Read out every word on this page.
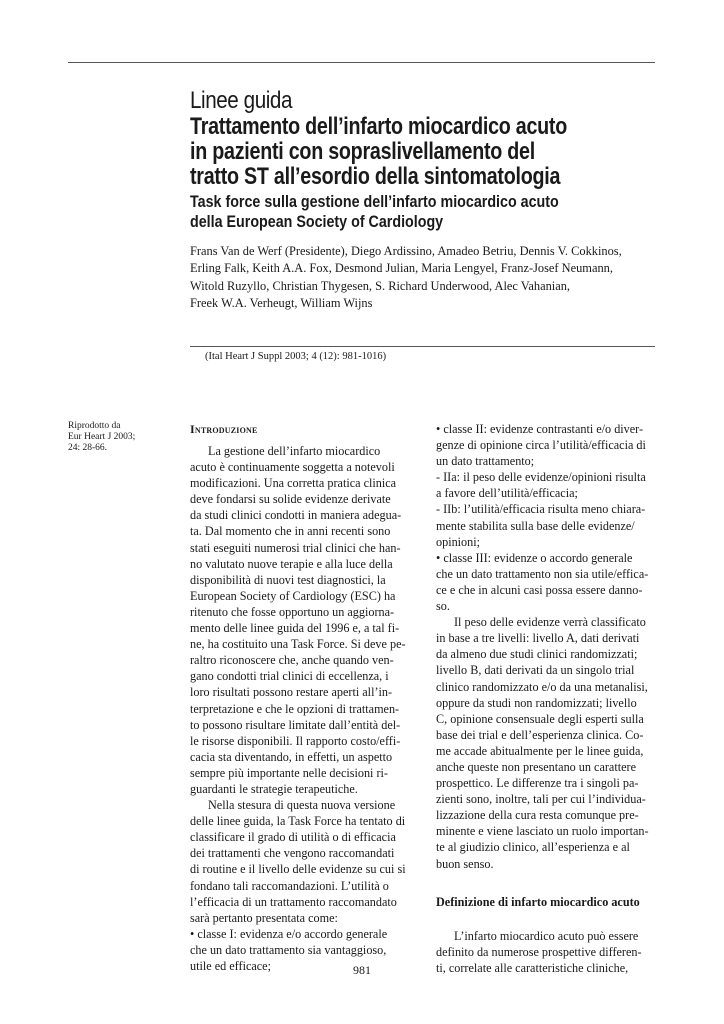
Linee guida
Trattamento dell’infarto miocardico acuto
in pazienti con sopraslivellamento del
tratto ST all’esordio della sintomatologia
Task force sulla gestione dell’infarto miocardico acuto
della European Society of Cardiology
Frans Van de Werf (Presidente), Diego Ardissino, Amadeo Betriu, Dennis V. Cokkinos,
Erling Falk, Keith A.A. Fox, Desmond Julian, Maria Lengyel, Franz-Josef Neumann,
Witold Ruzyllo, Christian Thygesen, S. Richard Underwood, Alec Vahanian,
Freek W.A. Verheugt, William Wijns
(Ital Heart J Suppl 2003; 4 (12): 981-1016)
Riprodotto da
Eur Heart J 2003;
24: 28-66.
Introduzione
La gestione dell’infarto miocardico
acuto è continuamente soggetta a notevoli
modificazioni. Una corretta pratica clinica
deve fondarsi su solide evidenze derivate
da studi clinici condotti in maniera adegua-
ta. Dal momento che in anni recenti sono
stati eseguiti numerosi trial clinici che han-
no valutato nuove terapie e alla luce della
disponibilità di nuovi test diagnostici, la
European Society of Cardiology (ESC) ha
ritenuto che fosse opportuno un aggiorna-
mento delle linee guida del 1996 e, a tal fi-
ne, ha costituito una Task Force. Si deve pe-
raltro riconoscere che, anche quando ven-
gano condotti trial clinici di eccellenza, i
loro risultati possono restare aperti all’in-
terpretazione e che le opzioni di trattamen-
to possono risultare limitate dall’entità del-
le risorse disponibili. Il rapporto costo/effi-
cacia sta diventando, in effetti, un aspetto
sempre più importante nelle decisioni ri-
guardanti le strategie terapeutiche.
Nella stesura di questa nuova versione
delle linee guida, la Task Force ha tentato di
classificare il grado di utilità o di efficacia
dei trattamenti che vengono raccomandati
di routine e il livello delle evidenze su cui si
fondano tali raccomandazioni. L’utilità o
l’efficacia di un trattamento raccomandato
sarà pertanto presentata come:
• classe I: evidenza e/o accordo generale
che un dato trattamento sia vantaggioso,
utile ed efficace;
• classe II: evidenze contrastanti e/o diver-
genze di opinione circa l’utilità/efficacia di
un dato trattamento;
- IIa: il peso delle evidenze/opinioni risulta
a favore dell’utilità/efficacia;
- IIb: l’utilità/efficacia risulta meno chiara-
mente stabilita sulla base delle evidenze/
opinioni;
• classe III: evidenze o accordo generale
che un dato trattamento non sia utile/effica-
ce e che in alcuni casi possa essere danno-
so.
Il peso delle evidenze verrà classificato
in base a tre livelli: livello A, dati derivati
da almeno due studi clinici randomizzati;
livello B, dati derivati da un singolo trial
clinico randomizzato e/o da una metanalisi,
oppure da studi non randomizzati; livello
C, opinione consensuale degli esperti sulla
base dei trial e dell’esperienza clinica. Co-
me accade abitualmente per le linee guida,
anche queste non presentano un carattere
prospettico. Le differenze tra i singoli pa-
zienti sono, inoltre, tali per cui l’individua-
lizzazione della cura resta comunque pre-
minente e viene lasciato un ruolo importan-
te al giudizio clinico, all’esperienza e al
buon senso.
Definizione di infarto miocardico acuto
L’infarto miocardico acuto può essere
definito da numerose prospettive differen-
ti, correlate alle caratteristiche cliniche,
981
